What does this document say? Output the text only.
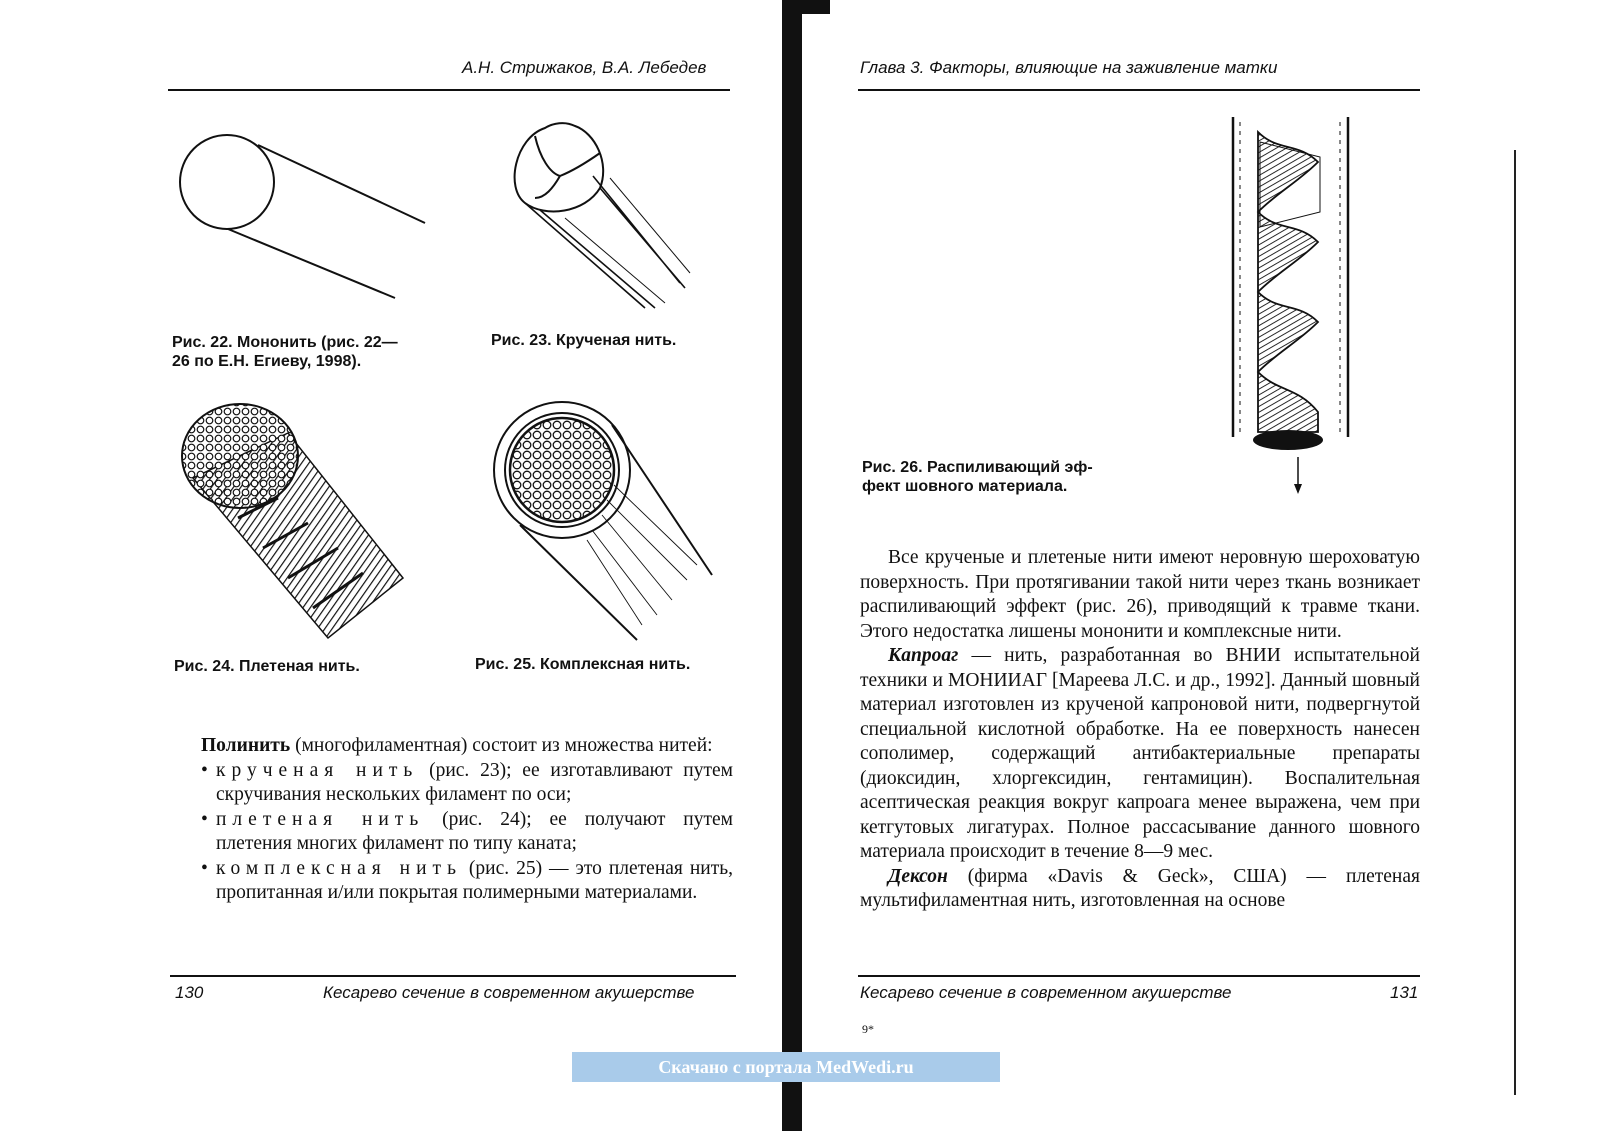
А.Н. Стрижаков, В.А. Лебедев
Рис. 22. Мононить (рис. 22—
26 по Е.Н. Егиеву, 1998).
Рис. 23. Крученая нить.
Рис. 24. Плетеная нить.	Рис. 25. Комплексная нить.

Полинить (многофиламентная) состоит из множества нитей:

• крученая нить (рис. 23); ее изготавливают путем скручивания нескольких филамент по оси;
• плетеная нить (рис. 24); ее получают путем плетения многих филамент по типу каната;
• комплексная нить (рис. 25) — это плетеная нить, пропитанная и/или покрытая полимерными материалами.
130	Кесарево сечение в современном акушерстве
Глава 3. Факторы, влияющие на заживление матки
Рис. 26. Распиливающий эф-
фект шовного материала.

Все крученые и плетеные нити имеют неровную шероховатую поверхность. При протягивании такой нити через ткань возникает распиливающий эффект (рис. 26), приводящий к травме ткани. Этого недостатка лишены мононити и комплексные нити.

Капроаг — нить, разработанная во ВНИИ испытательной техники и МОНИИАГ [Мареева Л.С. и др., 1992]. Данный шовный материал изготовлен из крученой капроновой нити, подвергнутой специальной кислотной обработке. На ее поверхность нанесен сополимер, содержащий антибактериальные препараты (диоксидин, хлоргексидин, гентамицин). Воспалительная асептическая реакция вокруг капроага менее выражена, чем при кетгутовых лигатурах. Полное рассасывание данного шовного материала происходит в течение 8—9 мес.

Дексон (фирма «Davis & Geck», США) — плетеная мультифиламентная нить, изготовленная на основе

Кесарево сечение в современном акушерстве	131
9*
Скачано с портала MedWedi.ru
